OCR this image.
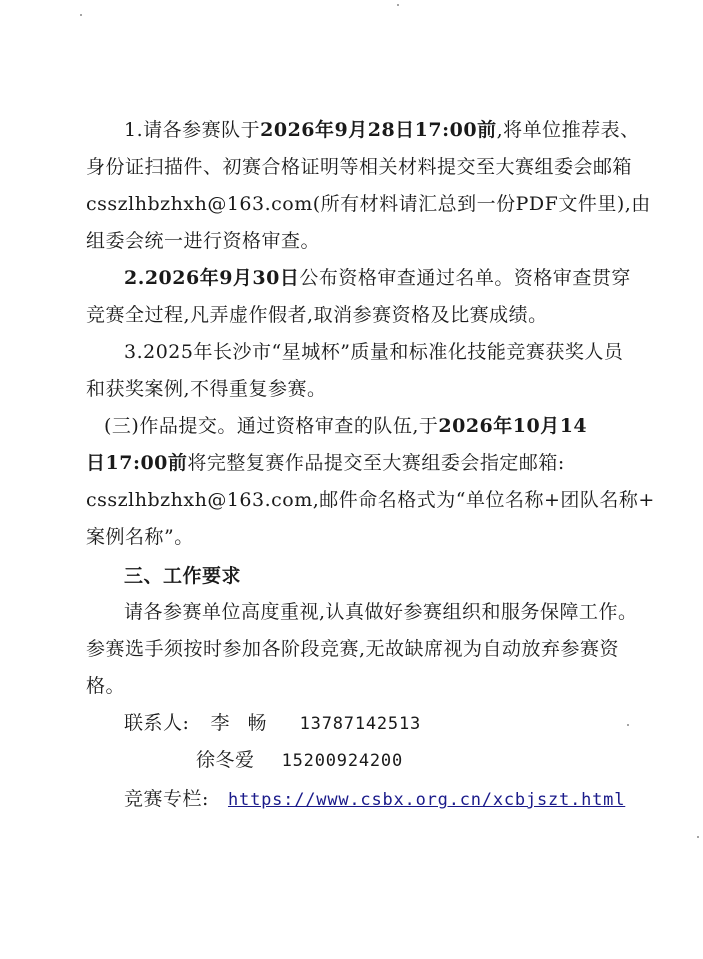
1.请各参赛队于2026年9月28日17:00前,将单位推荐表、
身份证扫描件、初赛合格证明等相关材料提交至大赛组委会邮箱
csszlhbzhxh@163.com(所有材料请汇总到一份PDF文件里),由
组委会统一进行资格审查。
2.2026年9月30日公布资格审查通过名单。资格审查贯穿
竞赛全过程,凡弄虚作假者,取消参赛资格及比赛成绩。
3.2025年长沙市“星城杯”质量和标准化技能竞赛获奖人员
和获奖案例,不得重复参赛。
(三)作品提交。通过资格审查的队伍,于2026年10月14
日17:00前将完整复赛作品提交至大赛组委会指定邮箱:
csszlhbzhxh@163.com,邮件命名格式为“单位名称+团队名称+
案例名称”。
三、工作要求
请各参赛单位高度重视,认真做好参赛组织和服务保障工作。
参赛选手须按时参加各阶段竞赛,无故缺席视为自动放弃参赛资
格。
联系人: 李 畅 13787142513
徐冬爱 15200924200
竞赛专栏: https://www.csbx.org.cn/xcbjszt.html
